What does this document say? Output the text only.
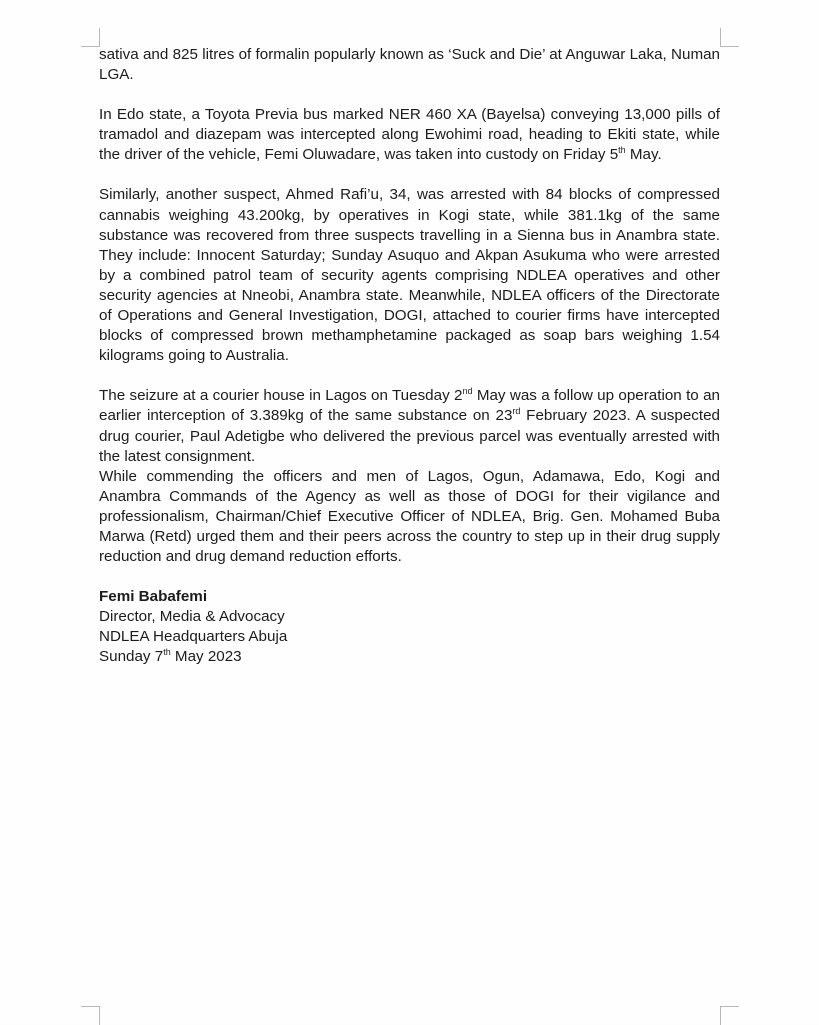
sativa and 825 litres of formalin popularly known as ‘Suck and Die’ at Anguwar Laka, Numan LGA.

In Edo state, a Toyota Previa bus marked NER 460 XA (Bayelsa) conveying 13,000 pills of tramadol and diazepam was intercepted along Ewohimi road, heading to Ekiti state, while the driver of the vehicle, Femi Oluwadare, was taken into custody on Friday 5th May.

Similarly, another suspect, Ahmed Rafi’u, 34, was arrested with 84 blocks of compressed cannabis weighing 43.200kg, by operatives in Kogi state, while 381.1kg of the same substance was recovered from three suspects travelling in a Sienna bus in Anambra state. They include: Innocent Saturday; Sunday Asuquo and Akpan Asukuma who were arrested by a combined patrol team of security agents comprising NDLEA operatives and other security agencies at Nneobi, Anambra state. Meanwhile, NDLEA officers of the Directorate of Operations and General Investigation, DOGI, attached to courier firms have intercepted blocks of compressed brown methamphetamine packaged as soap bars weighing 1.54 kilograms going to Australia.

The seizure at a courier house in Lagos on Tuesday 2nd May was a follow up operation to an earlier interception of 3.389kg of the same substance on 23rd February 2023. A suspected drug courier, Paul Adetigbe who delivered the previous parcel was eventually arrested with the latest consignment.

While commending the officers and men of Lagos, Ogun, Adamawa, Edo, Kogi and Anambra Commands of the Agency as well as those of DOGI for their vigilance and professionalism, Chairman/Chief Executive Officer of NDLEA, Brig. Gen. Mohamed Buba Marwa (Retd) urged them and their peers across the country to step up in their drug supply reduction and drug demand reduction efforts.

Femi Babafemi

Director, Media & Advocacy

NDLEA Headquarters Abuja

Sunday 7th May 2023
